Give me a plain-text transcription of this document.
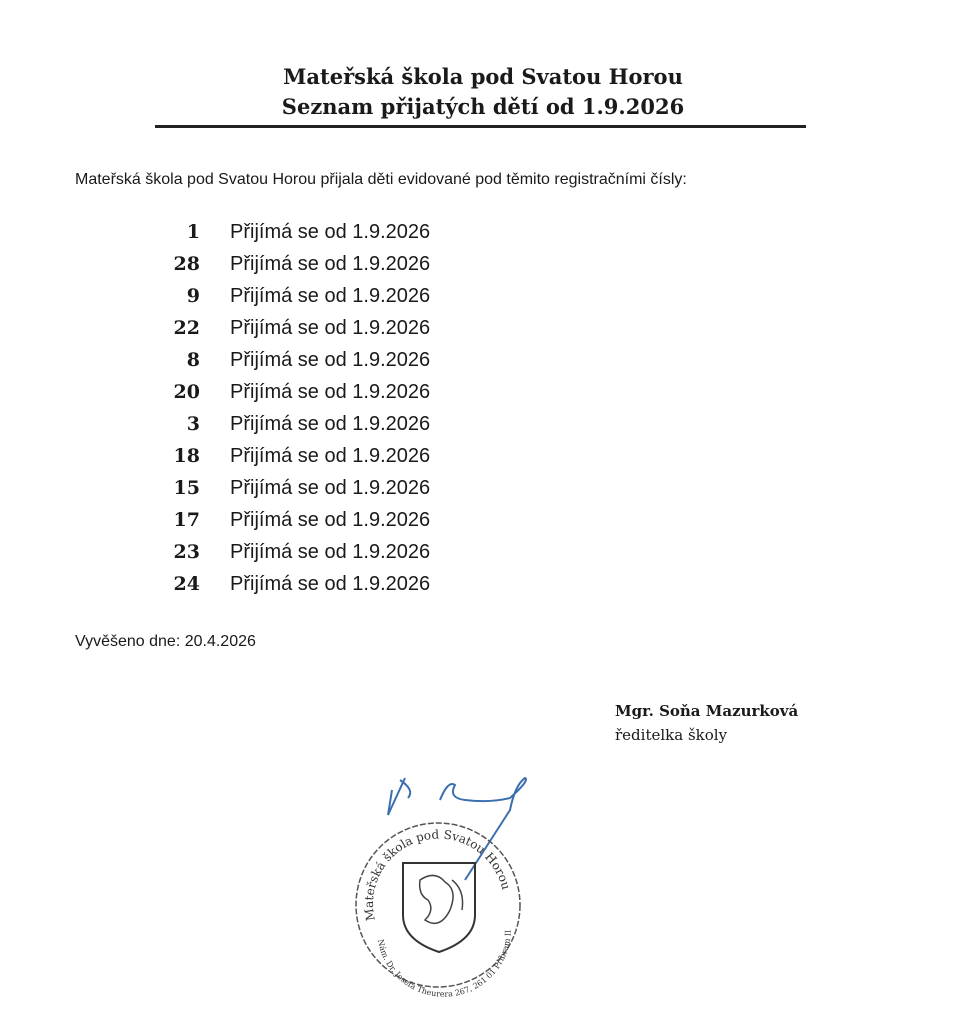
Mateřská škola pod Svatou Horou
Seznam přijatých dětí od 1.9.2026
Mateřská škola pod Svatou Horou přijala děti evidované pod těmito registračními čísly:
1 Přijímá se od 1.9.2026
28 Přijímá se od 1.9.2026
9 Přijímá se od 1.9.2026
22 Přijímá se od 1.9.2026
8 Přijímá se od 1.9.2026
20 Přijímá se od 1.9.2026
3 Přijímá se od 1.9.2026
18 Přijímá se od 1.9.2026
15 Přijímá se od 1.9.2026
17 Přijímá se od 1.9.2026
23 Přijímá se od 1.9.2026
24 Přijímá se od 1.9.2026
Vyvěšeno dne: 20.4.2026
Mgr. Soňa Mazurková
ředitelka školy
Mateřská škola pod Svatou Horou
Nám. Dr. Josefa Theurera 267, 261 01 Příbram II
